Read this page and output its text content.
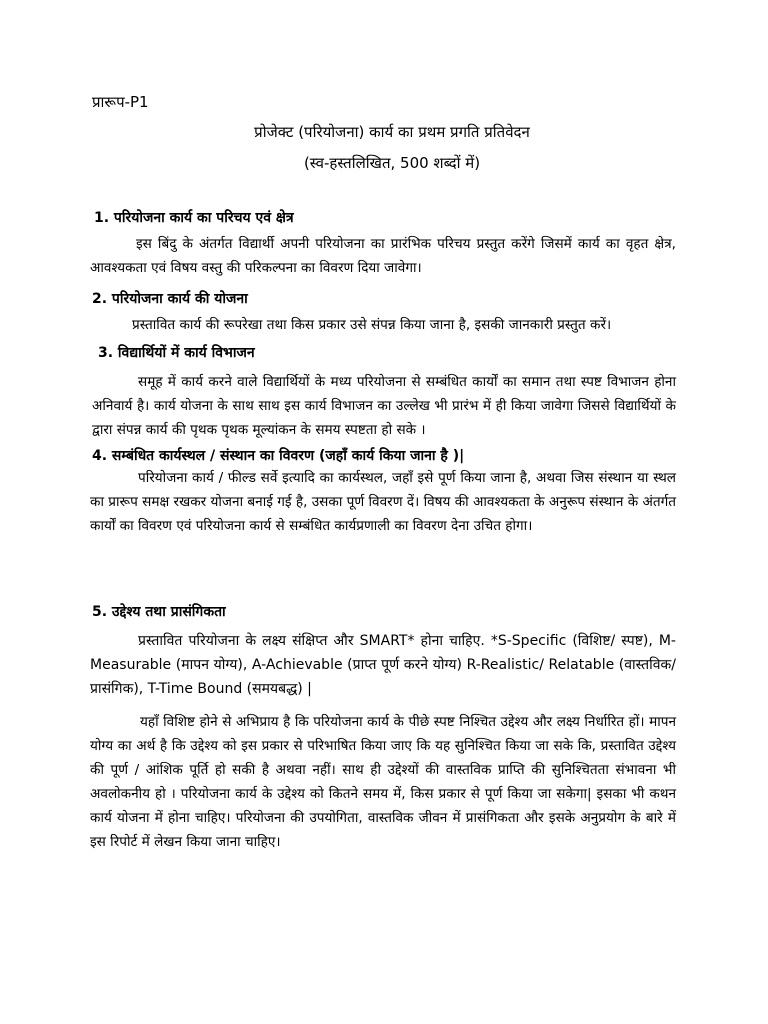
प्रारूप-P1
प्रोजेक्ट (परियोजना) कार्य का प्रथम प्रगति प्रतिवेदन
(स्व-हस्तलिखित, 500 शब्दों में)
1. परियोजना कार्य का परिचय एवं क्षेत्र
इस बिंदु के अंतर्गत विद्यार्थी अपनी परियोजना का प्रारंभिक परिचय प्रस्तुत करेंगे जिसमें कार्य का वृहत क्षेत्र, आवश्यकता एवं विषय वस्तु की परिकल्पना का विवरण दिया जावेगा।
2. परियोजना कार्य की योजना
प्रस्तावित कार्य की रूपरेखा तथा किस प्रकार उसे संपन्न किया जाना है, इसकी जानकारी प्रस्तुत करें।
3. विद्यार्थियों में कार्य विभाजन
समूह में कार्य करने वाले विद्यार्थियों के मध्य परियोजना से सम्बंधित कार्यों का समान तथा स्पष्ट विभाजन होना अनिवार्य है। कार्य योजना के साथ साथ इस कार्य विभाजन का उल्लेख भी प्रारंभ में ही किया जावेगा जिससे विद्यार्थियों के द्वारा संपन्न कार्य की पृथक पृथक मूल्यांकन के समय स्पष्टता हो सके ।
4. सम्बंधित कार्यस्थल / संस्थान का विवरण (जहाँ कार्य किया जाना है )|
परियोजना कार्य / फील्ड सर्वे इत्यादि का कार्यस्थल, जहाँ इसे पूर्ण किया जाना है, अथवा जिस संस्थान या स्थल का प्रारूप समक्ष रखकर योजना बनाई गई है, उसका पूर्ण विवरण दें। विषय की आवश्यकता के अनुरूप संस्थान के अंतर्गत कार्यों का विवरण एवं परियोजना कार्य से सम्बंधित कार्यप्रणाली का विवरण देना उचित होगा।
5. उद्देश्य तथा प्रासंगिकता
प्रस्तावित परियोजना के लक्ष्य संक्षिप्त और SMART* होना चाहिए. *S-Specific (विशिष्ट/ स्पष्ट), M-Measurable (मापन योग्य), A-Achievable (प्राप्त पूर्ण करने योग्य) R-Realistic/ Relatable (वास्तविक/ प्रासंगिक), T-Time Bound (समयबद्ध) |
यहाँ विशिष्ट होने से अभिप्राय है कि परियोजना कार्य के पीछे स्पष्ट निश्चित उद्देश्य और लक्ष्य निर्धारित हों। मापन योग्य का अर्थ है कि उद्देश्य को इस प्रकार से परिभाषित किया जाए कि यह सुनिश्चित किया जा सके कि, प्रस्तावित उद्देश्य की पूर्ण / आंशिक पूर्ति हो सकी है अथवा नहीं। साथ ही उद्देश्यों की वास्तविक प्राप्ति की सुनिश्चितता संभावना भी अवलोकनीय हो । परियोजना कार्य के उद्देश्य को कितने समय में, किस प्रकार से पूर्ण किया जा सकेगा| इसका भी कथन कार्य योजना में होना चाहिए। परियोजना की उपयोगिता, वास्तविक जीवन में प्रासंगिकता और इसके अनुप्रयोग के बारे में इस रिपोर्ट में लेखन किया जाना चाहिए।
